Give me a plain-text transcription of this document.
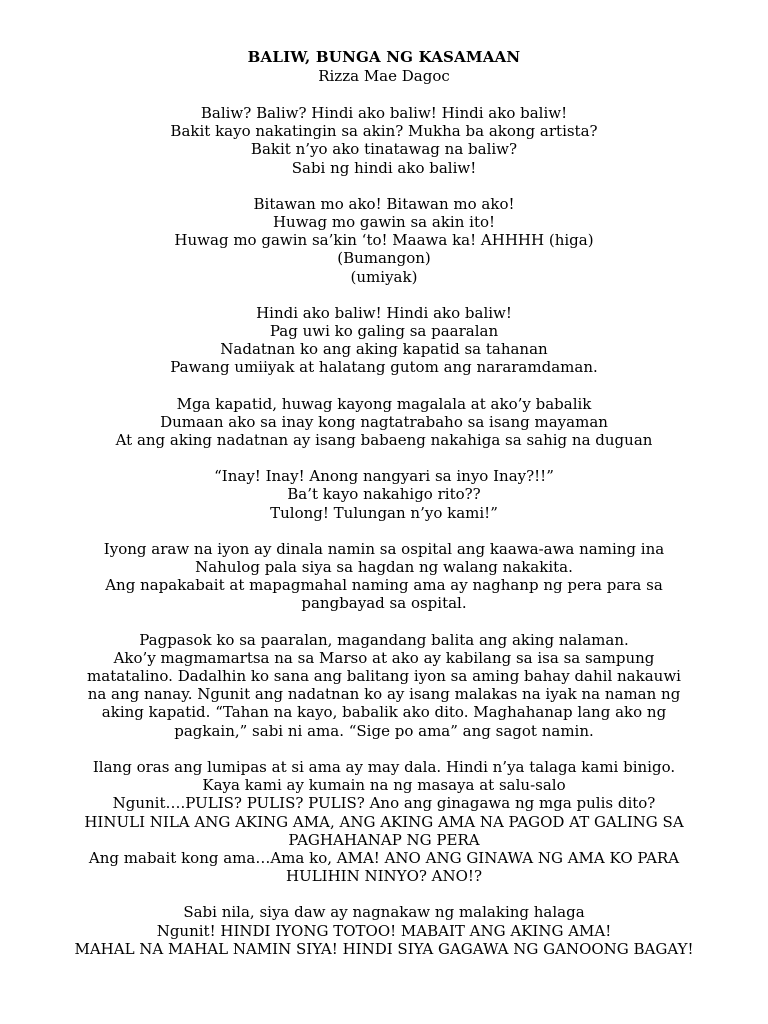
BALIW, BUNGA NG KASAMAAN

Rizza Mae Dagoc

Baliw? Baliw? Hindi ako baliw! Hindi ako baliw!
Bakit kayo nakatingin sa akin? Mukha ba akong artista?
Bakit n’yo ako tinatawag na baliw?
Sabi ng hindi ako baliw!

Bitawan mo ako! Bitawan mo ako!
Huwag mo gawin sa akin ito!
Huwag mo gawin sa’kin ‘to! Maawa ka! AHHHH (higa)
(Bumangon)
(umiyak)

Hindi ako baliw! Hindi ako baliw!
Pag uwi ko galing sa paaralan
Nadatnan ko ang aking kapatid sa tahanan
Pawang umiiyak at halatang gutom ang nararamdaman.

Mga kapatid, huwag kayong magalala at ako’y babalik
Dumaan ako sa inay kong nagtatrabaho sa isang mayaman
At ang aking nadatnan ay isang babaeng nakahiga sa sahig na duguan

“Inay! Inay! Anong nangyari sa inyo Inay?!!”
Ba’t kayo nakahigo rito??
Tulong! Tulungan n’yo kami!”

Iyong araw na iyon ay dinala namin sa ospital ang kaawa-awa naming ina
Nahulog pala siya sa hagdan ng walang nakakita.
Ang napakabait at mapagmahal naming ama ay naghanp ng pera para sa
pangbayad sa ospital.

Pagpasok ko sa paaralan, magandang balita ang aking nalaman.
Ako’y magmamartsa na sa Marso at ako ay kabilang sa isa sa sampung
matatalino. Dadalhin ko sana ang balitang iyon sa aming bahay dahil nakauwi
na ang nanay. Ngunit ang nadatnan ko ay isang malakas na iyak na naman ng
aking kapatid. “Tahan na kayo, babalik ako dito. Maghahanap lang ako ng
pagkain,” sabi ni ama. “Sige po ama” ang sagot namin.

Ilang oras ang lumipas at si ama ay may dala. Hindi n’ya talaga kami binigo.
Kaya kami ay kumain na ng masaya at salu-salo
Ngunit….PULIS? PULIS? PULIS? Ano ang ginagawa ng mga pulis dito?
HINULI NILA ANG AKING AMA, ANG AKING AMA NA PAGOD AT GALING SA
PAGHAHANAP NG PERA
Ang mabait kong ama…Ama ko, AMA! ANO ANG GINAWA NG AMA KO PARA
HULIHIN NINYO? ANO!?

Sabi nila, siya daw ay nagnakaw ng malaking halaga
Ngunit! HINDI IYONG TOTOO! MABAIT ANG AKING AMA!
MAHAL NA MAHAL NAMIN SIYA! HINDI SIYA GAGAWA NG GANOONG BAGAY!
